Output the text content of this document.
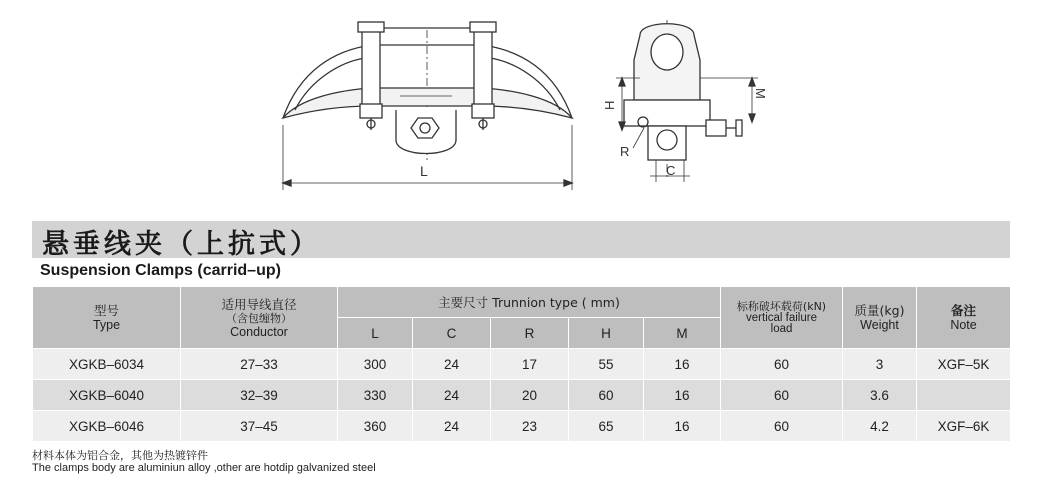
L
H
M
R
C
悬垂线夹（上抗式）
Suspension Clamps (carrid–up)
型号
Type	适用导线直径
（含包缠物）
Conductor	主要尺寸 Trunnion type ( mm)					标称破坏载荷(kN)
vertical failure
load	质量(kg)
Weight	备注
Note

		L	C	R	H	M			
XGKB–6034	27–33	300	24	17	55	16	60	3	XGF–5K
XGKB–6040	32–39	330	24	20	60	16	60	3.6	
XGKB–6046	37–45	360	24	23	65	16	60	4.2	XGF–6K
材料本体为铝合金，其他为热镀锌件
The clamps body are aluminiun alloy ,other are hotdip galvanized steel
